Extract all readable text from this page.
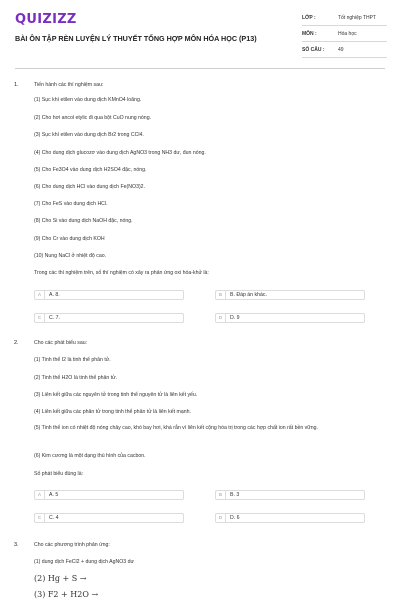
QUIZIZZ
BÀI ÔN TẬP RÈN LUYỆN LÝ THUYẾT TỔNG HỢP MÔN HÓA HỌC (P13)
LỚP :	Tốt nghiệp THPT
MÔN :	Hóa học
SỐ CÂU :	49
1.	Tiến hành các thí nghiệm sau:
(1) Sục khí etilen vào dung dịch KMnO4 loãng.
(2) Cho hơi ancol etylic đi qua bột CuO nung nóng.
(3) Sục khí etilen vào dung dịch Br2 trong CCl4.
(4) Cho dung dịch glucozơ vào dung dịch AgNO3 trong NH3 dư, đun nóng.
(5) Cho Fe3O4 vào dung dịch H2SO4 đặc, nóng.
(6) Cho dung dịch HCl vào dung dịch Fe(NO3)2.
(7) Cho FeS vào dung dịch HCl.
(8) Cho Si vào dung dịch NaOH đặc, nóng.
(9) Cho Cr vào dung dịch KOH
(10) Nung NaCl ở nhiệt độ cao.
Trong các thí nghiệm trên, số thí nghiệm có xảy ra phản ứng oxi hóa-khử là:
A	A. 8.	B	B. Đáp án khác.
C	C. 7.	D	D. 9
2.	Cho các phát biểu sau:
(1) Tinh thể I2 là tinh thể phân tử.
(2) Tinh thể H2O là tinh thể phân tử.
(3) Liên kết giữa các nguyên tử trong tinh thể nguyên tử là liên kết yếu.
(4) Liên kết giữa các phân tử trong tinh thể phân tử là liên kết mạnh.
(5) Tinh thể ion có nhiệt độ nóng chảy cao, khó bay hơi, khá rắn vì liên kết cộng hóa trị trong các hợp chất ion rất bền vững.
(6) Kim cương là một dạng thù hình của cacbon.
Số phát biểu đúng là:
A	A. 5	B	B. 3
C	C. 4	D	D. 6
3.	Cho các phương trình phản ứng:
(1) dung dịch FeCl2 + dung dịch AgNO3 dư
(2) Hg + S →
(3) F2 + H2O →
